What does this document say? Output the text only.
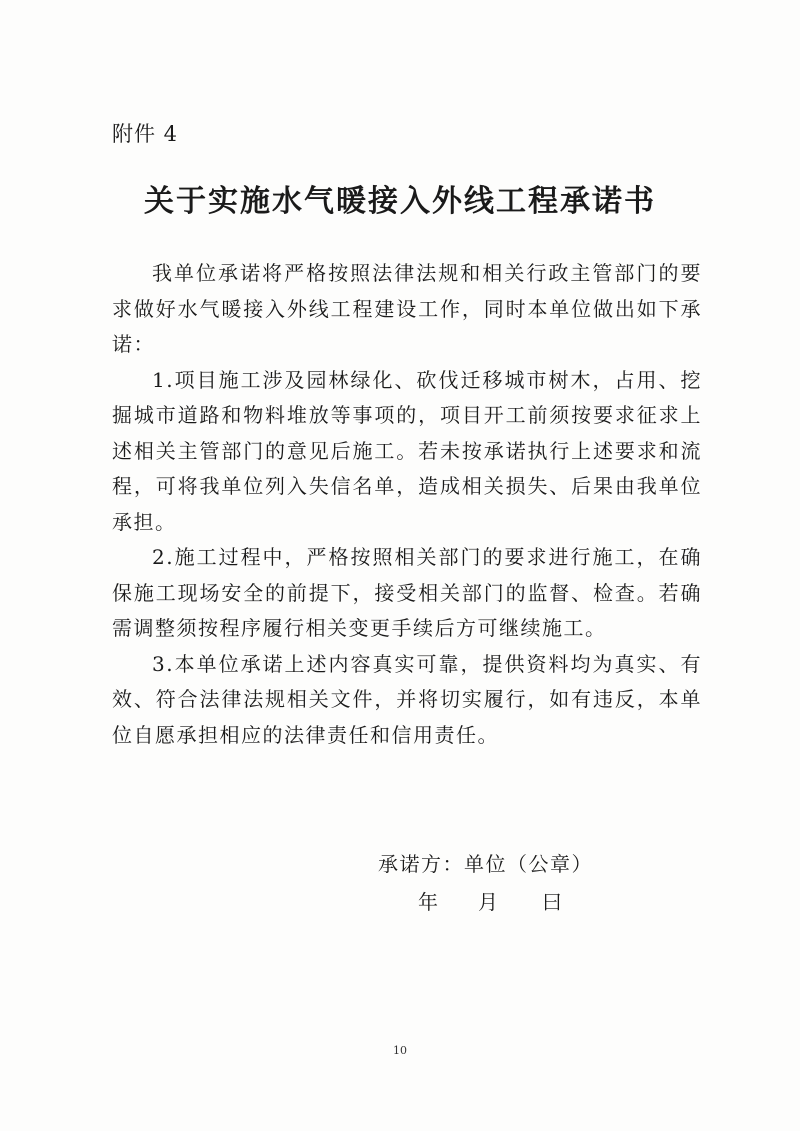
附件 4
关于实施水气暖接入外线工程承诺书

我单位承诺将严格按照法律法规和相关行政主管部门的要求做好水气暖接入外线工程建设工作，同时本单位做出如下承诺：

1.项目施工涉及园林绿化、砍伐迁移城市树木，占用、挖掘城市道路和物料堆放等事项的，项目开工前须按要求征求上述相关主管部门的意见后施工。若未按承诺执行上述要求和流程，可将我单位列入失信名单，造成相关损失、后果由我单位承担。

2.施工过程中，严格按照相关部门的要求进行施工，在确保施工现场安全的前提下，接受相关部门的监督、检查。若确需调整须按程序履行相关变更手续后方可继续施工。

3.本单位承诺上述内容真实可靠，提供资料均为真实、有效、符合法律法规相关文件，并将切实履行，如有违反，本单位自愿承担相应的法律责任和信用责任。

承诺方：单位（公章）
年 月 曰
10
